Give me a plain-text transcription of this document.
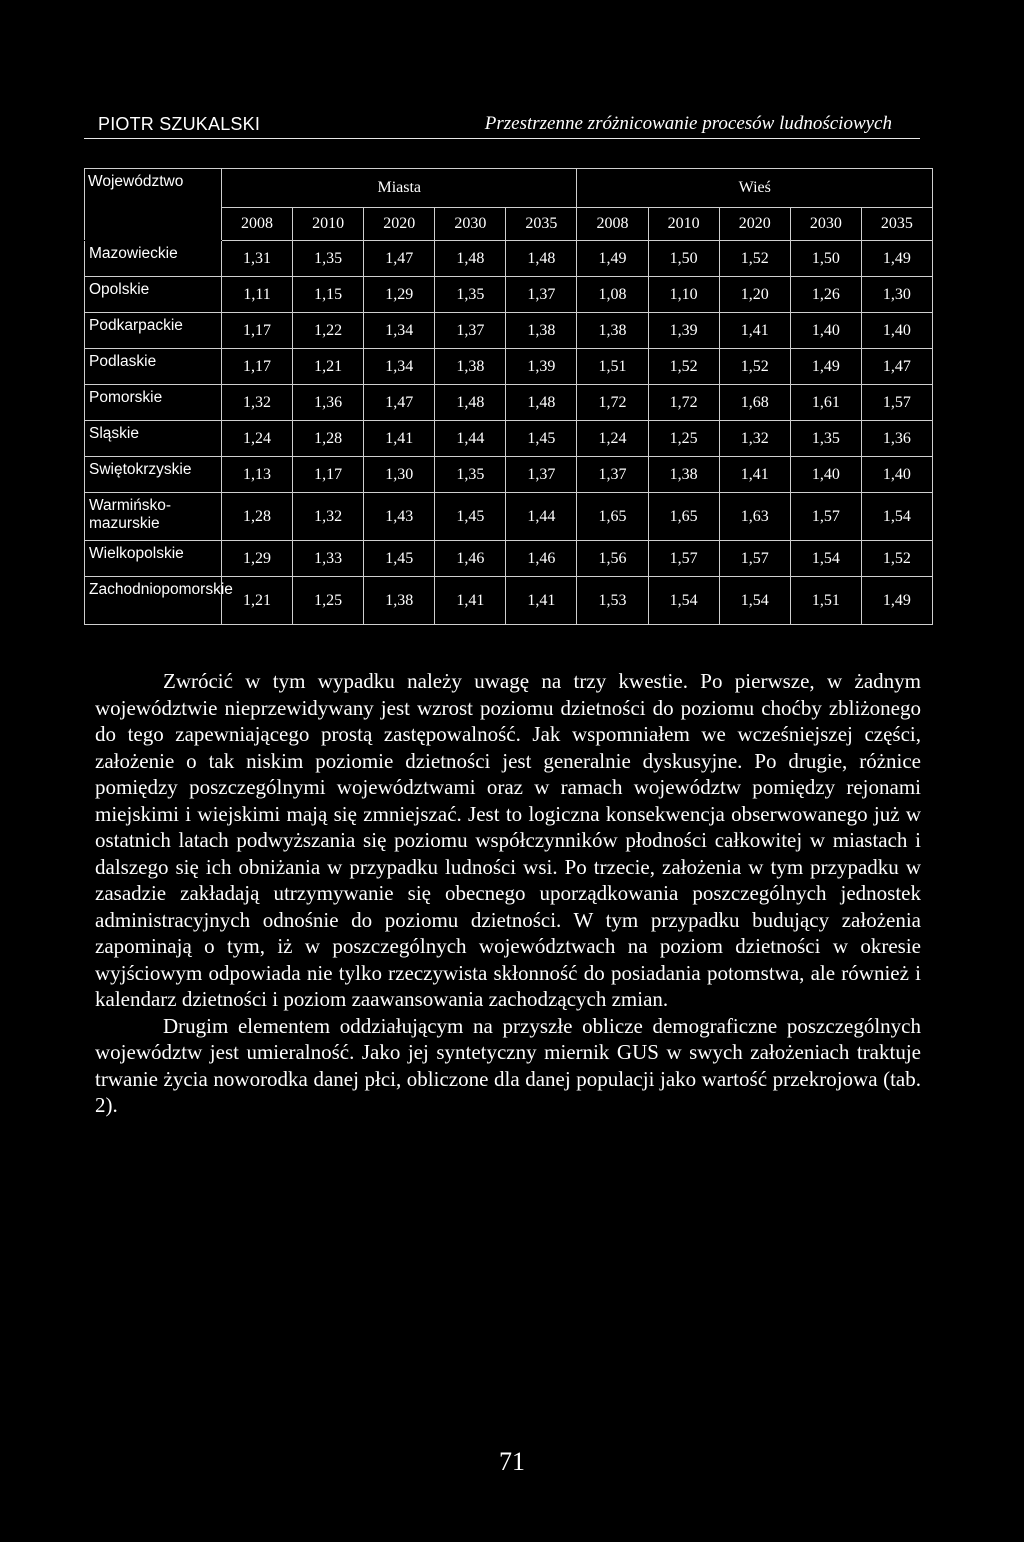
PIOTR SZUKALSKI	Przestrzenne zróżnicowanie procesów ludnościowych
Województwo	Miasta					Wieś				
	2008	2010	2020	2030	2035	2008	2010	2020	2030	2035
Mazowieckie	1,31	1,35	1,47	1,48	1,48	1,49	1,50	1,52	1,50	1,49
Opolskie	1,11	1,15	1,29	1,35	1,37	1,08	1,10	1,20	1,26	1,30
Podkarpackie	1,17	1,22	1,34	1,37	1,38	1,38	1,39	1,41	1,40	1,40
Podlaskie	1,17	1,21	1,34	1,38	1,39	1,51	1,52	1,52	1,49	1,47
Pomorskie	1,32	1,36	1,47	1,48	1,48	1,72	1,72	1,68	1,61	1,57
Sląskie	1,24	1,28	1,41	1,44	1,45	1,24	1,25	1,32	1,35	1,36
Swiętokrzyskie	1,13	1,17	1,30	1,35	1,37	1,37	1,38	1,41	1,40	1,40
Warmińsko-mazurskie	1,28	1,32	1,43	1,45	1,44	1,65	1,65	1,63	1,57	1,54
Wielkopolskie	1,29	1,33	1,45	1,46	1,46	1,56	1,57	1,57	1,54	1,52
Zachodniopomorskie	1,21	1,25	1,38	1,41	1,41	1,53	1,54	1,54	1,51	1,49

Zwrócić w tym wypadku należy uwagę na trzy kwestie. Po pierwsze, w żadnym województwie nieprzewidywany jest wzrost poziomu dzietności do poziomu choćby zbliżonego do tego zapewniającego prostą zastępowalność. Jak wspomniałem we wcześniejszej części, założenie o tak niskim poziomie dzietności jest generalnie dyskusyjne. Po drugie, różnice pomiędzy poszczególnymi województwami oraz w ramach województw pomiędzy rejonami miejskimi i wiejskimi mają się zmniejszać. Jest to logiczna konsekwencja obserwowanego już w ostatnich latach podwyższania się poziomu współczynników płodności całkowitej w miastach i dalszego się ich obniżania w przypadku ludności wsi. Po trzecie, założenia w tym przypadku w zasadzie zakładają utrzymywanie się obecnego uporządkowania poszczególnych jednostek administracyjnych odnośnie do poziomu dzietności. W tym przypadku budujący założenia zapominają o tym, iż w poszczególnych województwach na poziom dzietności w okresie wyjściowym odpowiada nie tylko rzeczywista skłonność do posiadania potomstwa, ale również i kalendarz dzietności i poziom zaawansowania zachodzących zmian.

Drugim elementem oddziałującym na przyszłe oblicze demograficzne poszczególnych województw jest umieralność. Jako jej syntetyczny miernik GUS w swych założeniach traktuje trwanie życia noworodka danej płci, obliczone dla danej populacji jako wartość przekrojowa (tab. 2).

71
